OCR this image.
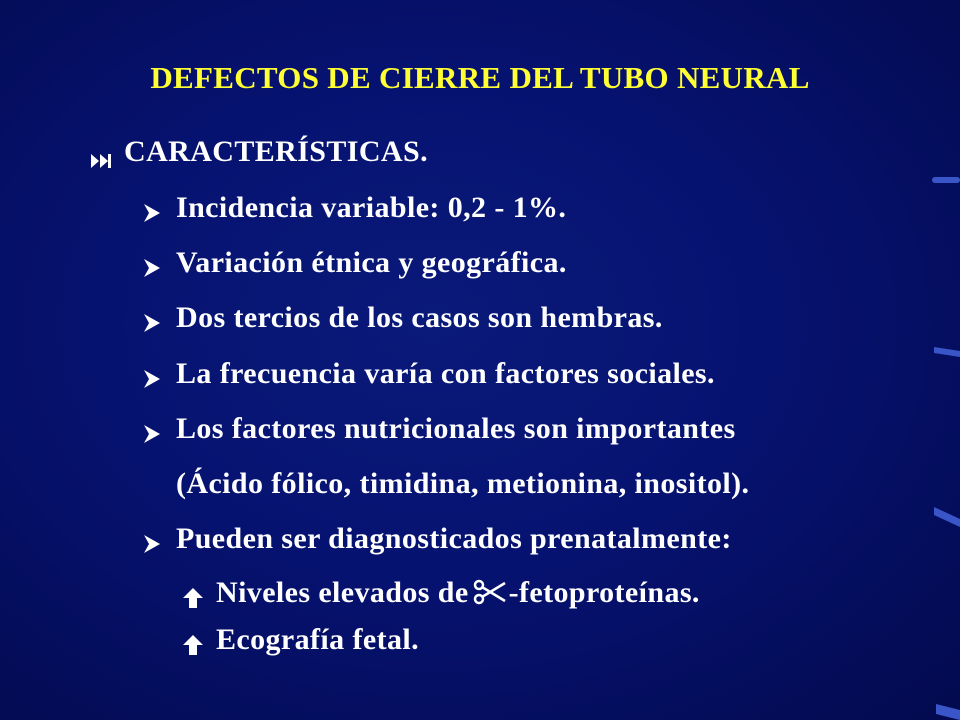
DEFECTOS DE CIERRE DEL TUBO NEURAL
CARACTERÍSTICAS.
Incidencia variable: 0,2 - 1%.
Variación étnica y geográfica.
Dos tercios de los casos son hembras.
La frecuencia varía con factores sociales.
Los factores nutricionales son importantes
(Ácido fólico, timidina, metionina, inositol).
Pueden ser diagnosticados prenatalmente:
Niveles elevados de -fetoproteínas.
Ecografía fetal.
